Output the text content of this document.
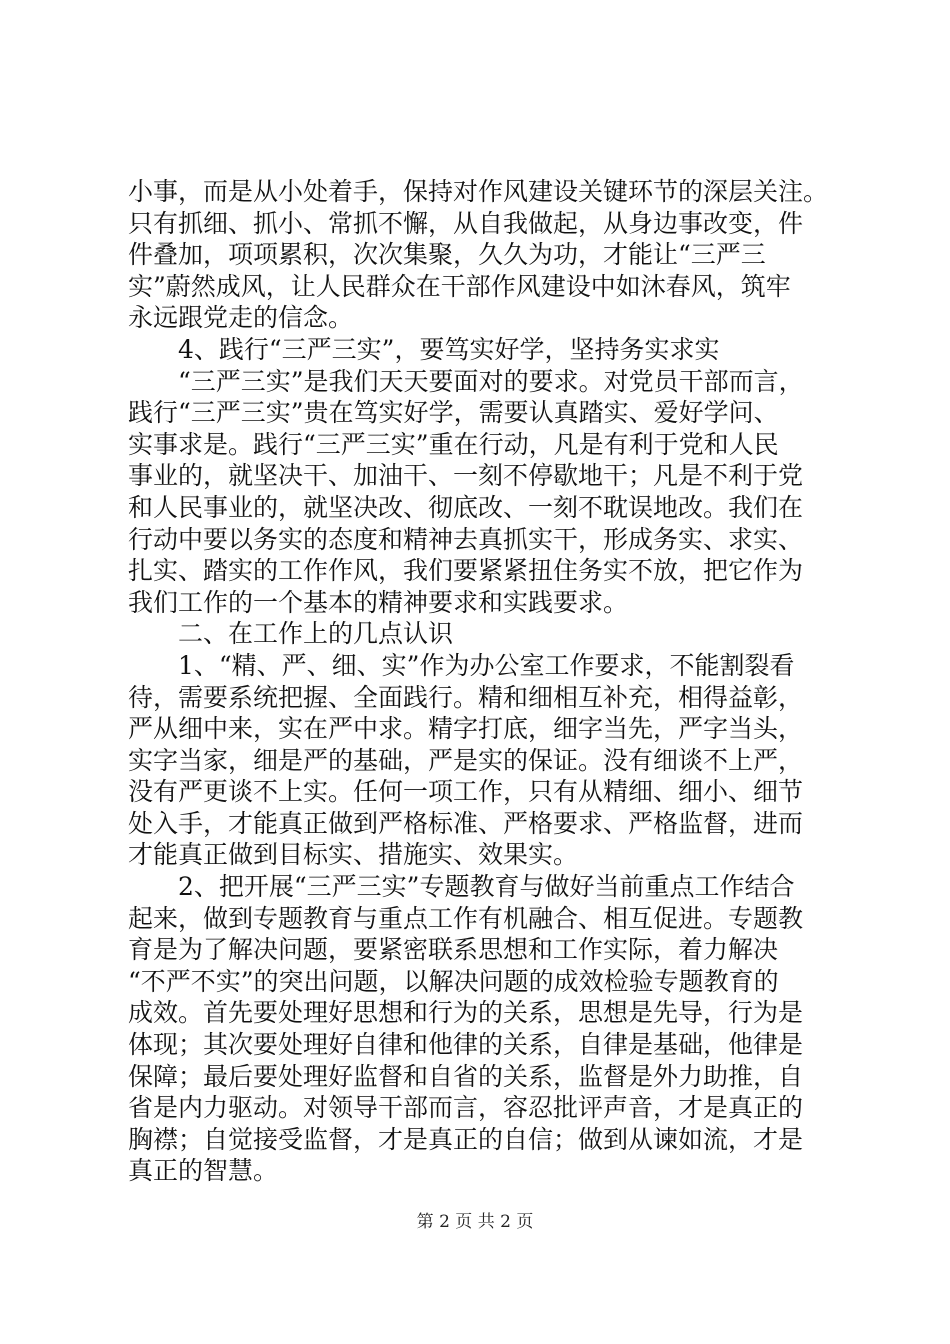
小事，而是从小处着手，保持对作风建设关键环节的深层关注。
只有抓细、抓小、常抓不懈，从自我做起，从身边事改变，件
件叠加，项项累积，次次集聚，久久为功，才能让“三严三
实”蔚然成风，让人民群众在干部作风建设中如沐春风，筑牢
永远跟党走的信念。
4、践行“三严三实”，要笃实好学，坚持务实求实
“三严三实”是我们天天要面对的要求。对党员干部而言，
践行“三严三实”贵在笃实好学，需要认真踏实、爱好学问、
实事求是。践行“三严三实”重在行动，凡是有利于党和人民
事业的，就坚决干、加油干、一刻不停歇地干；凡是不利于党
和人民事业的，就坚决改、彻底改、一刻不耽误地改。我们在
行动中要以务实的态度和精神去真抓实干，形成务实、求实、
扎实、踏实的工作作风，我们要紧紧扭住务实不放，把它作为
我们工作的一个基本的精神要求和实践要求。
二、在工作上的几点认识
1、“精、严、细、实”作为办公室工作要求，不能割裂看
待，需要系统把握、全面践行。精和细相互补充，相得益彰，
严从细中来，实在严中求。精字打底，细字当先，严字当头，
实字当家，细是严的基础，严是实的保证。没有细谈不上严，
没有严更谈不上实。任何一项工作，只有从精细、细小、细节
处入手，才能真正做到严格标准、严格要求、严格监督，进而
才能真正做到目标实、措施实、效果实。
2、把开展“三严三实”专题教育与做好当前重点工作结合
起来，做到专题教育与重点工作有机融合、相互促进。专题教
育是为了解决问题，要紧密联系思想和工作实际，着力解决
“不严不实”的突出问题，以解决问题的成效检验专题教育的
成效。首先要处理好思想和行为的关系，思想是先导，行为是
体现；其次要处理好自律和他律的关系，自律是基础，他律是
保障；最后要处理好监督和自省的关系，监督是外力助推，自
省是内力驱动。对领导干部而言，容忍批评声音，才是真正的
胸襟；自觉接受监督，才是真正的自信；做到从谏如流，才是
真正的智慧。
第 2 页 共 2 页
